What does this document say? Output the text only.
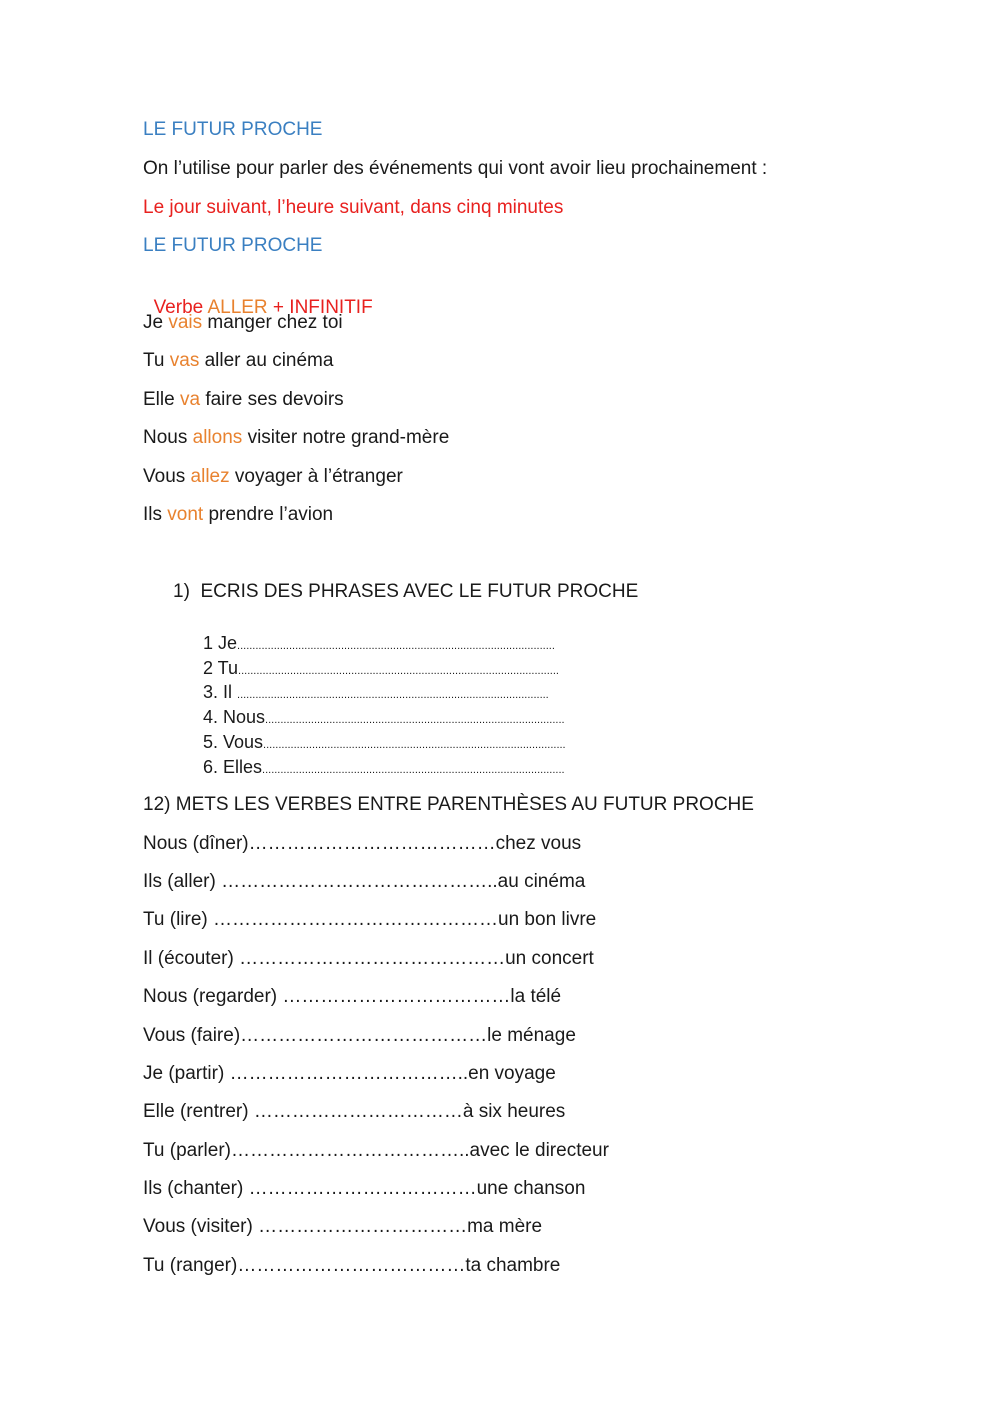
LE FUTUR PROCHE
On l’utilise pour parler des événements qui vont avoir lieu prochainement :
Le jour suivant, l’heure suivant, dans cinq minutes
LE FUTUR PROCHE

Verbe ALLER + INFINITIF

Je vais manger chez toi
Tu vas aller au cinéma
Elle va faire ses devoirs
Nous allons visiter notre grand-mère
Vous allez voyager à l’étranger
Ils vont prendre l’avion
1)  ECRIS DES PHRASES AVEC LE FUTUR PROCHE
1 Je........................................................................................................
2 Tu.........................................................................................................
3. Il ......................................................................................................
4. Nous..................................................................................................
5. Vous...................................................................................................
6. Elles...................................................................................................
12) METS LES VERBES ENTRE PARENTHÈSES AU FUTUR PROCHE
Nous (dîner)…………………………………chez vous
Ils (aller) ……………………………………..au cinéma
Tu (lire) ………………………………………un bon livre
Il (écouter) ……………………………………un concert
Nous (regarder) ………………………………la télé
Vous (faire)…………………………………le ménage
Je (partir) ………………………………..en voyage
Elle (rentrer) ……………………………à six heures
Tu (parler)………………………………..avec le directeur
Ils (chanter) ………………………………une chanson
Vous (visiter) ……………………………ma mère
Tu (ranger)………………………………ta chambre
